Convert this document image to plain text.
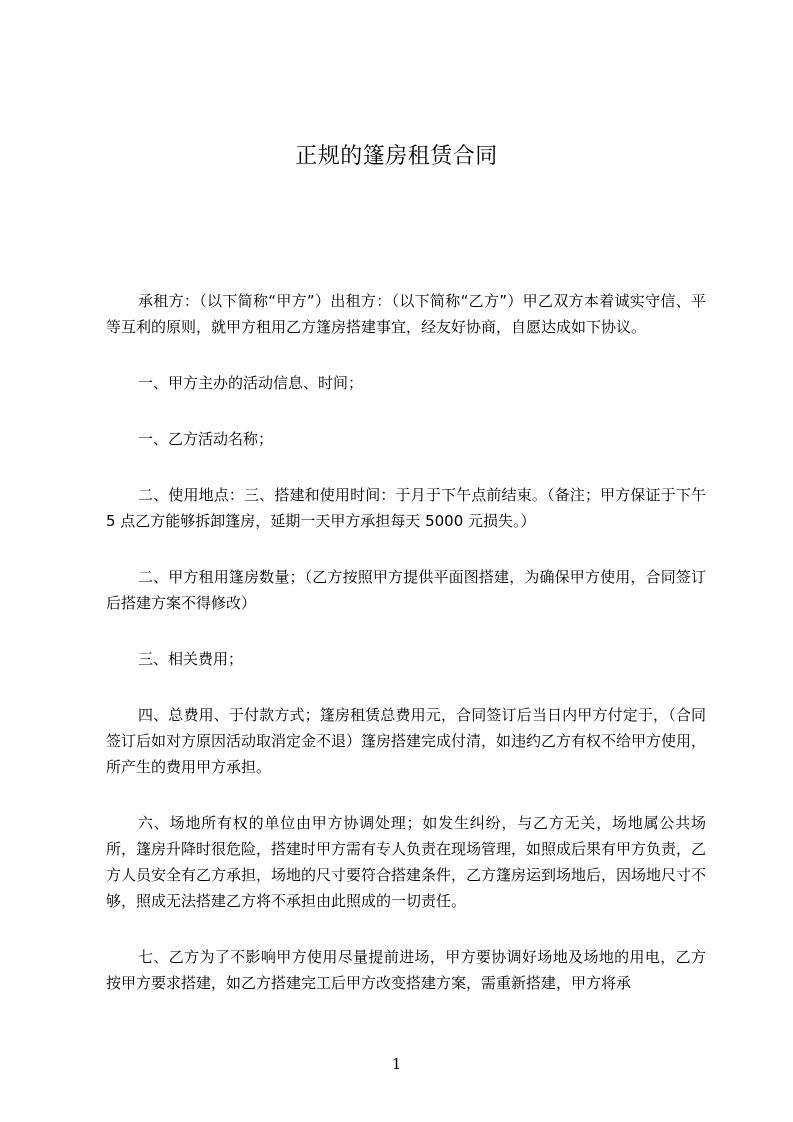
正规的篷房租赁合同

承租方：（以下简称“甲方”）出租方：（以下简称“乙方”）甲乙双方本着诚实守信、平等互利的原则，就甲方租用乙方篷房搭建事宜，经友好协商，自愿达成如下协议。

一、甲方主办的活动信息、时间；

一、乙方活动名称；

二、使用地点：三、搭建和使用时间：于月于下午点前结束。（备注；甲方保证于下午 5 点乙方能够拆卸篷房，延期一天甲方承担每天 5000 元损失。）

二、甲方租用篷房数量；（乙方按照甲方提供平面图搭建，为确保甲方使用，合同签订后搭建方案不得修改）

三、相关费用；

四、总费用、于付款方式；篷房租赁总费用元，合同签订后当日内甲方付定于，（合同签订后如对方原因活动取消定金不退）篷房搭建完成付清，如违约乙方有权不给甲方使用，所产生的费用甲方承担。

六、场地所有权的单位由甲方协调处理；如发生纠纷，与乙方无关，场地属公共场所，篷房升降时很危险，搭建时甲方需有专人负责在现场管理，如照成后果有甲方负责，乙方人员安全有乙方承担，场地的尺寸要符合搭建条件，乙方篷房运到场地后，因场地尺寸不够，照成无法搭建乙方将不承担由此照成的一切责任。

七、乙方为了不影响甲方使用尽量提前进场，甲方要协调好场地及场地的用电，乙方按甲方要求搭建，如乙方搭建完工后甲方改变搭建方案，需重新搭建，甲方将承

1
